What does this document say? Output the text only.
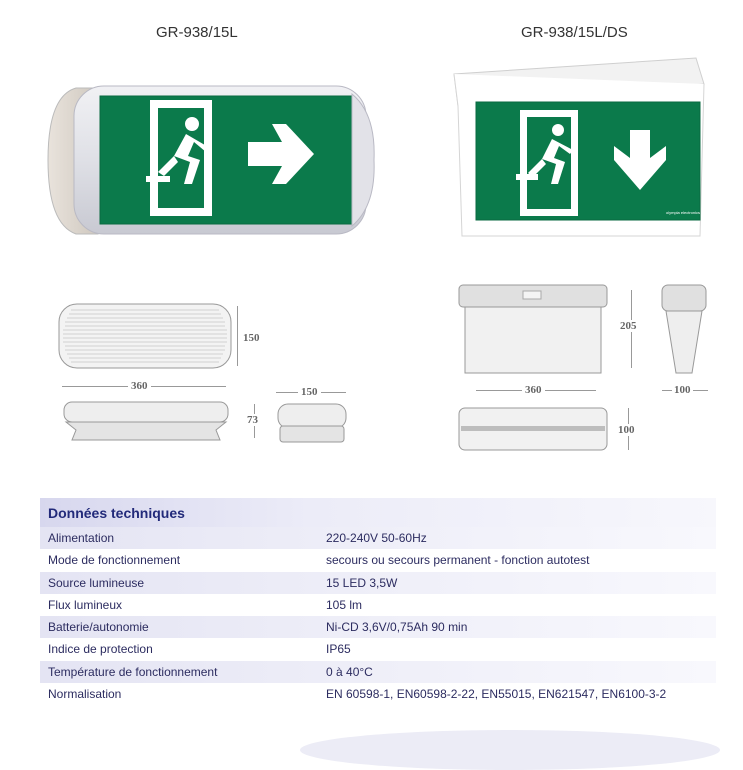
GR-938/15L	GR-938/15L/DS
olympia electronics
150
360
73
150
205
100
360
100
Données techniques
Alimentation	220-240V 50-60Hz
Mode de fonctionnement	secours ou secours permanent - fonction autotest
Source lumineuse	15 LED 3,5W
Flux lumineux	105 lm
Batterie/autonomie	Ni-CD 3,6V/0,75Ah 90 min
Indice de protection	IP65
Température de fonctionnement	0 à 40°C
Normalisation	EN 60598-1, EN60598-2-22, EN55015, EN621547, EN6100-3-2
